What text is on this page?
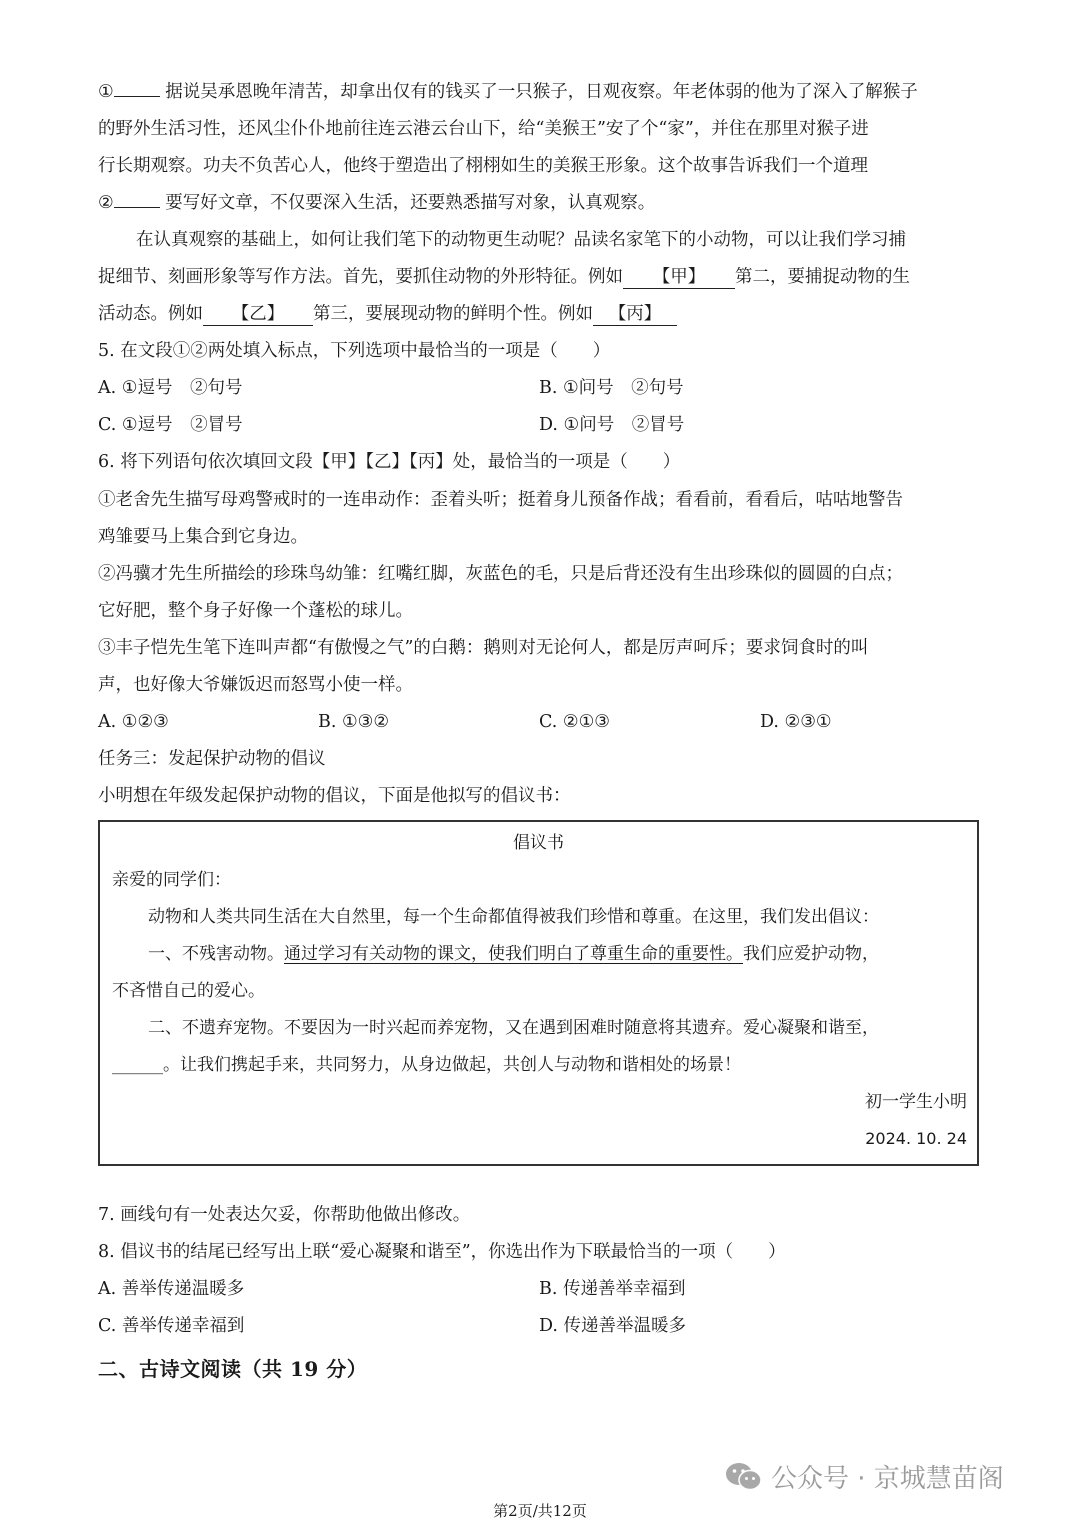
①	据说吴承恩晚年清苦，却拿出仅有的钱买了一只猴子，日观夜察。年老体弱的他为了深入了解猴子
的野外生活习性，还风尘仆仆地前往连云港云台山下，给“美猴王”安了个“家”，并住在那里对猴子进
行长期观察。功夫不负苦心人，他终于塑造出了栩栩如生的美猴王形象。这个故事告诉我们一个道理
②	要写好文章，不仅要深入生活，还要熟悉描写对象，认真观察。
在认真观察的基础上，如何让我们笔下的动物更生动呢？品读名家笔下的小动物，可以让我们学习捕
捉细节、刻画形象等写作方法。首先，要抓住动物的外形特征。例如 【甲】 第二，要捕捉动物的生
活动态。例如 【乙】 第三，要展现动物的鲜明个性。例如 【丙】
5. 在文段①②两处填入标点，下列选项中最恰当的一项是（　　）
A. ①逗号　②句号	B. ①问号　②句号
C. ①逗号　②冒号	D. ①问号　②冒号
6. 将下列语句依次填回文段【甲】【乙】【丙】处，最恰当的一项是（　　）
①老舍先生描写母鸡警戒时的一连串动作：歪着头听；挺着身儿预备作战；看看前，看看后，咕咕地警告
鸡雏要马上集合到它身边。
②冯骥才先生所描绘的珍珠鸟幼雏：红嘴红脚，灰蓝色的毛，只是后背还没有生出珍珠似的圆圆的白点；
它好肥，整个身子好像一个蓬松的球儿。
③丰子恺先生笔下连叫声都“有傲慢之气”的白鹅：鹅则对无论何人，都是厉声呵斥；要求饲食时的叫
声，也好像大爷嫌饭迟而怒骂小使一样。
A. ①②③	B. ①③②	C. ②①③	D. ②③①
任务三：发起保护动物的倡议
小明想在年级发起保护动物的倡议，下面是他拟写的倡议书：
倡议书
亲爱的同学们：
动物和人类共同生活在大自然里，每一个生命都值得被我们珍惜和尊重。在这里，我们发出倡议：
一、不残害动物。通过学习有关动物的课文，使我们明白了尊重生命的重要性。我们应爱护动物，
不吝惜自己的爱心。
二、不遗弃宠物。不要因为一时兴起而养宠物，又在遇到困难时随意将其遗弃。爱心凝聚和谐至，
______。让我们携起手来，共同努力，从身边做起，共创人与动物和谐相处的场景！
初一学生小明
2024. 10. 24
7. 画线句有一处表达欠妥，你帮助他做出修改。
8. 倡议书的结尾已经写出上联“爱心凝聚和谐至”，你选出作为下联最恰当的一项（　　）
A. 善举传递温暖多	B. 传递善举幸福到
C. 善举传递幸福到	D. 传递善举温暖多
二、古诗文阅读（共 19 分）
公众号 · 京城慧苗阁
第2页/共12页
